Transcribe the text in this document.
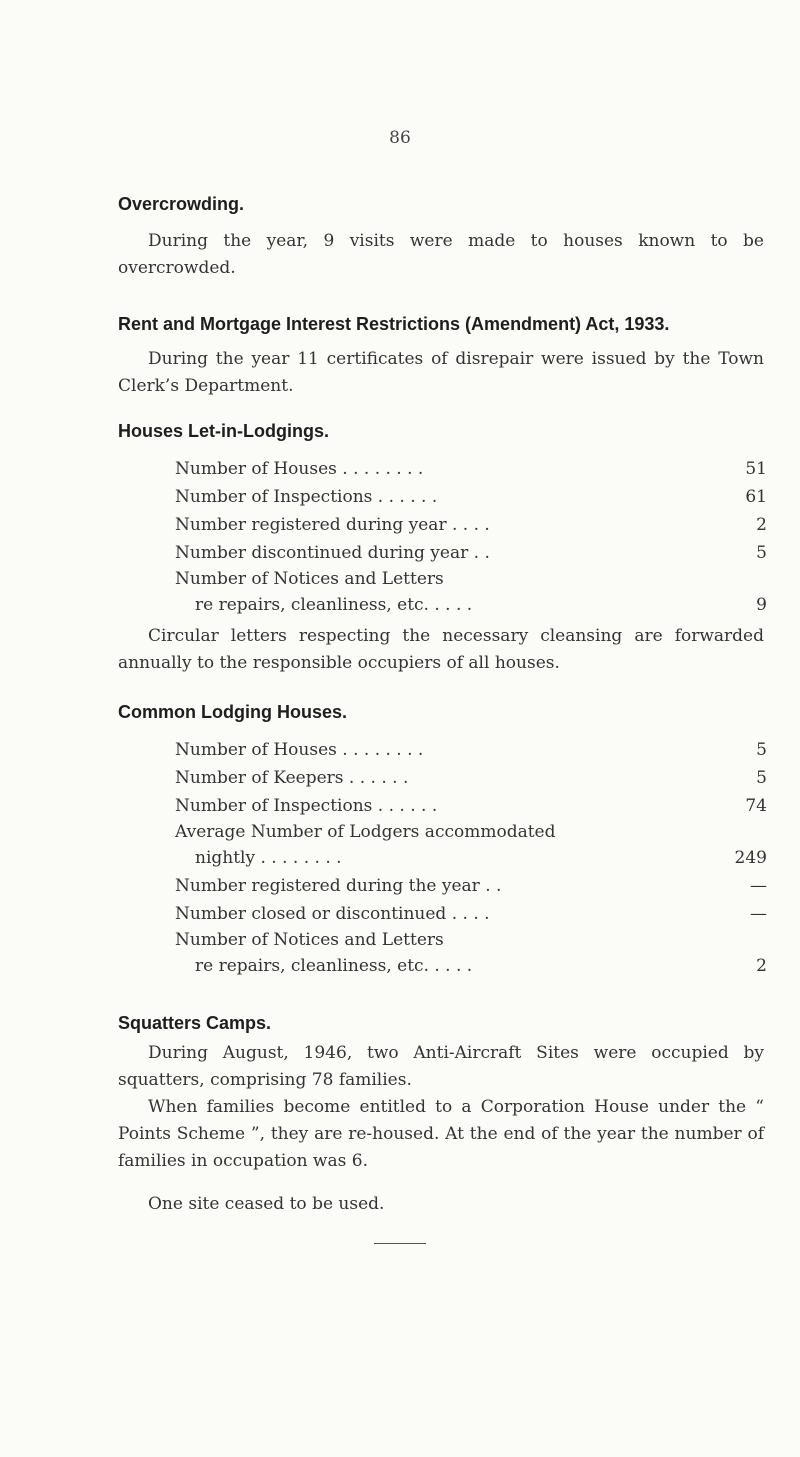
86
Overcrowding.
During the year, 9 visits were made to houses known to be overcrowded.
Rent and Mortgage Interest Restrictions (Amendment) Act, 1933.
During the year 11 certificates of disrepair were issued by the Town Clerk’s Department.
Houses Let-in-Lodgings.
Number of Houses . . . . . . . .	51
Number of Inspections . . . . . .	61
Number registered during year . . . .	2
Number discontinued during year . .	5
Number of Notices and Letters
re repairs, cleanliness, etc. . . . .	9
Circular letters respecting the necessary cleansing are forwarded annually to the responsible occupiers of all houses.
Common Lodging Houses.
Number of Houses . . . . . . . .	5
Number of Keepers . . . . . .	5
Number of Inspections . . . . . .	74
Average Number of Lodgers accommodated
nightly . . . . . . . .	249
Number registered during the year . .	—
Number closed or discontinued . . . .	—
Number of Notices and Letters
re repairs, cleanliness, etc. . . . .	2
Squatters Camps.
During August, 1946, two Anti-Aircraft Sites were occupied by squatters, comprising 78 families.
When families become entitled to a Corporation House under the “ Points Scheme ”, they are re-housed. At the end of the year the number of families in occupation was 6.
One site ceased to be used.
